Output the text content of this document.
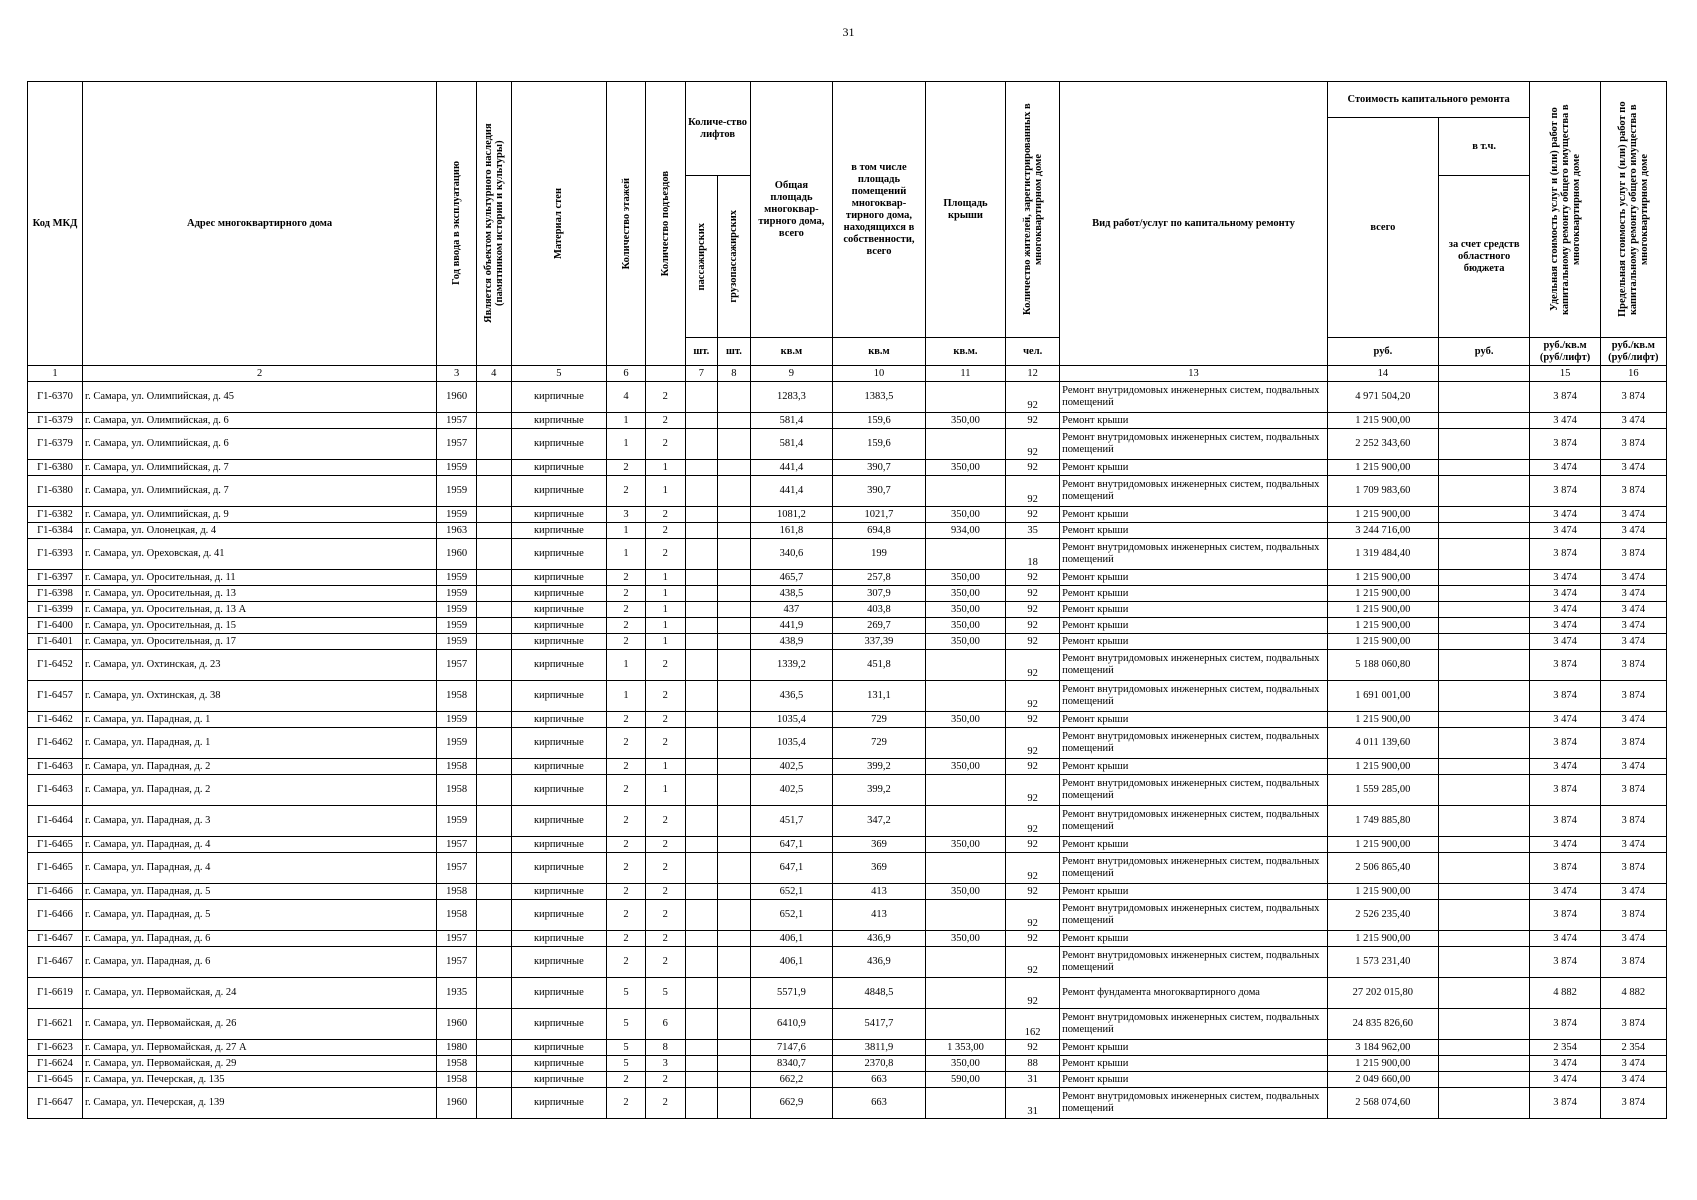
31
Код МКД	Адрес многоквартирного дома	Год ввода в эксплуатацию	Является объектом культурного наследия (памятником истории и культуры)	Материал стен	Количество этажей	Количество подъездов	Количе-ство лифтов		Общая площадь многоквар-тирного дома, всего	в том числе площадь помещений многоквар-тирного дома, находящихся в собственности, всего	Площадь крыши	Количество жителей, зарегистрированных в многоквартирном доме	Вид работ/услуг по капитальному ремонту	Стоимость капитального ремонта		Удельная стоимость услуг и (или) работ по капитальному ремонту общего имущества в многоквартирном доме	Предельная стоимость услуг и (или) работ по капитальному ремонту общего имущества в многоквартирном доме

														всего	в т.ч.		

							пассажирских	грузопассажирских							за счет средств областного бюджета		
							шт.	шт.	кв.м	кв.м	кв.м.	чел.		руб.	руб.	руб./кв.м (руб/лифт)	руб./кв.м (руб/лифт)
1	2	3	4	5	6		7	8	9	10	11	12	13	14		15	16
Г1-6370	г. Самара, ул. Олимпийская, д. 45	1960		кирпичные	4	2			1283,3	1383,5		92	Ремонт внутридомовых инженерных систем, подвальных помещений	4 971 504,20		3 874	3 874
Г1-6379	г. Самара, ул. Олимпийская, д. 6	1957		кирпичные	1	2			581,4	159,6	350,00	92	Ремонт крыши	1 215 900,00		3 474	3 474
Г1-6379	г. Самара, ул. Олимпийская, д. 6	1957		кирпичные	1	2			581,4	159,6		92	Ремонт внутридомовых инженерных систем, подвальных помещений	2 252 343,60		3 874	3 874
Г1-6380	г. Самара, ул. Олимпийская, д. 7	1959		кирпичные	2	1			441,4	390,7	350,00	92	Ремонт крыши	1 215 900,00		3 474	3 474
Г1-6380	г. Самара, ул. Олимпийская, д. 7	1959		кирпичные	2	1			441,4	390,7		92	Ремонт внутридомовых инженерных систем, подвальных помещений	1 709 983,60		3 874	3 874
Г1-6382	г. Самара, ул. Олимпийская, д. 9	1959		кирпичные	3	2			1081,2	1021,7	350,00	92	Ремонт крыши	1 215 900,00		3 474	3 474
Г1-6384	г. Самара, ул. Олонецкая, д. 4	1963		кирпичные	1	2			161,8	694,8	934,00	35	Ремонт крыши	3 244 716,00		3 474	3 474
Г1-6393	г. Самара, ул. Ореховская, д. 41	1960		кирпичные	1	2			340,6	199		18	Ремонт внутридомовых инженерных систем, подвальных помещений	1 319 484,40		3 874	3 874
Г1-6397	г. Самара, ул. Оросительная, д. 11	1959		кирпичные	2	1			465,7	257,8	350,00	92	Ремонт крыши	1 215 900,00		3 474	3 474
Г1-6398	г. Самара, ул. Оросительная, д. 13	1959		кирпичные	2	1			438,5	307,9	350,00	92	Ремонт крыши	1 215 900,00		3 474	3 474
Г1-6399	г. Самара, ул. Оросительная, д. 13 А	1959		кирпичные	2	1			437	403,8	350,00	92	Ремонт крыши	1 215 900,00		3 474	3 474
Г1-6400	г. Самара, ул. Оросительная, д. 15	1959		кирпичные	2	1			441,9	269,7	350,00	92	Ремонт крыши	1 215 900,00		3 474	3 474
Г1-6401	г. Самара, ул. Оросительная, д. 17	1959		кирпичные	2	1			438,9	337,39	350,00	92	Ремонт крыши	1 215 900,00		3 474	3 474
Г1-6452	г. Самара, ул. Охтинская, д. 23	1957		кирпичные	1	2			1339,2	451,8		92	Ремонт внутридомовых инженерных систем, подвальных помещений	5 188 060,80		3 874	3 874
Г1-6457	г. Самара, ул. Охтинская, д. 38	1958		кирпичные	1	2			436,5	131,1		92	Ремонт внутридомовых инженерных систем, подвальных помещений	1 691 001,00		3 874	3 874
Г1-6462	г. Самара, ул. Парадная, д. 1	1959		кирпичные	2	2			1035,4	729	350,00	92	Ремонт крыши	1 215 900,00		3 474	3 474
Г1-6462	г. Самара, ул. Парадная, д. 1	1959		кирпичные	2	2			1035,4	729		92	Ремонт внутридомовых инженерных систем, подвальных помещений	4 011 139,60		3 874	3 874
Г1-6463	г. Самара, ул. Парадная, д. 2	1958		кирпичные	2	1			402,5	399,2	350,00	92	Ремонт крыши	1 215 900,00		3 474	3 474
Г1-6463	г. Самара, ул. Парадная, д. 2	1958		кирпичные	2	1			402,5	399,2		92	Ремонт внутридомовых инженерных систем, подвальных помещений	1 559 285,00		3 874	3 874
Г1-6464	г. Самара, ул. Парадная, д. 3	1959		кирпичные	2	2			451,7	347,2		92	Ремонт внутридомовых инженерных систем, подвальных помещений	1 749 885,80		3 874	3 874
Г1-6465	г. Самара, ул. Парадная, д. 4	1957		кирпичные	2	2			647,1	369	350,00	92	Ремонт крыши	1 215 900,00		3 474	3 474
Г1-6465	г. Самара, ул. Парадная, д. 4	1957		кирпичные	2	2			647,1	369		92	Ремонт внутридомовых инженерных систем, подвальных помещений	2 506 865,40		3 874	3 874
Г1-6466	г. Самара, ул. Парадная, д. 5	1958		кирпичные	2	2			652,1	413	350,00	92	Ремонт крыши	1 215 900,00		3 474	3 474
Г1-6466	г. Самара, ул. Парадная, д. 5	1958		кирпичные	2	2			652,1	413		92	Ремонт внутридомовых инженерных систем, подвальных помещений	2 526 235,40		3 874	3 874
Г1-6467	г. Самара, ул. Парадная, д. 6	1957		кирпичные	2	2			406,1	436,9	350,00	92	Ремонт крыши	1 215 900,00		3 474	3 474
Г1-6467	г. Самара, ул. Парадная, д. 6	1957		кирпичные	2	2			406,1	436,9		92	Ремонт внутридомовых инженерных систем, подвальных помещений	1 573 231,40		3 874	3 874
Г1-6619	г. Самара, ул. Первомайская, д. 24	1935		кирпичные	5	5			5571,9	4848,5		92	Ремонт фундамента многоквартирного дома	27 202 015,80		4 882	4 882
Г1-6621	г. Самара, ул. Первомайская, д. 26	1960		кирпичные	5	6			6410,9	5417,7		162	Ремонт внутридомовых инженерных систем, подвальных помещений	24 835 826,60		3 874	3 874
Г1-6623	г. Самара, ул. Первомайская, д. 27 А	1980		кирпичные	5	8			7147,6	3811,9	1 353,00	92	Ремонт крыши	3 184 962,00		2 354	2 354
Г1-6624	г. Самара, ул. Первомайская, д. 29	1958		кирпичные	5	3			8340,7	2370,8	350,00	88	Ремонт крыши	1 215 900,00		3 474	3 474
Г1-6645	г. Самара, ул. Печерская, д. 135	1958		кирпичные	2	2			662,2	663	590,00	31	Ремонт крыши	2 049 660,00		3 474	3 474
Г1-6647	г. Самара, ул. Печерская, д. 139	1960		кирпичные	2	2			662,9	663		31	Ремонт внутридомовых инженерных систем, подвальных помещений	2 568 074,60		3 874	3 874
